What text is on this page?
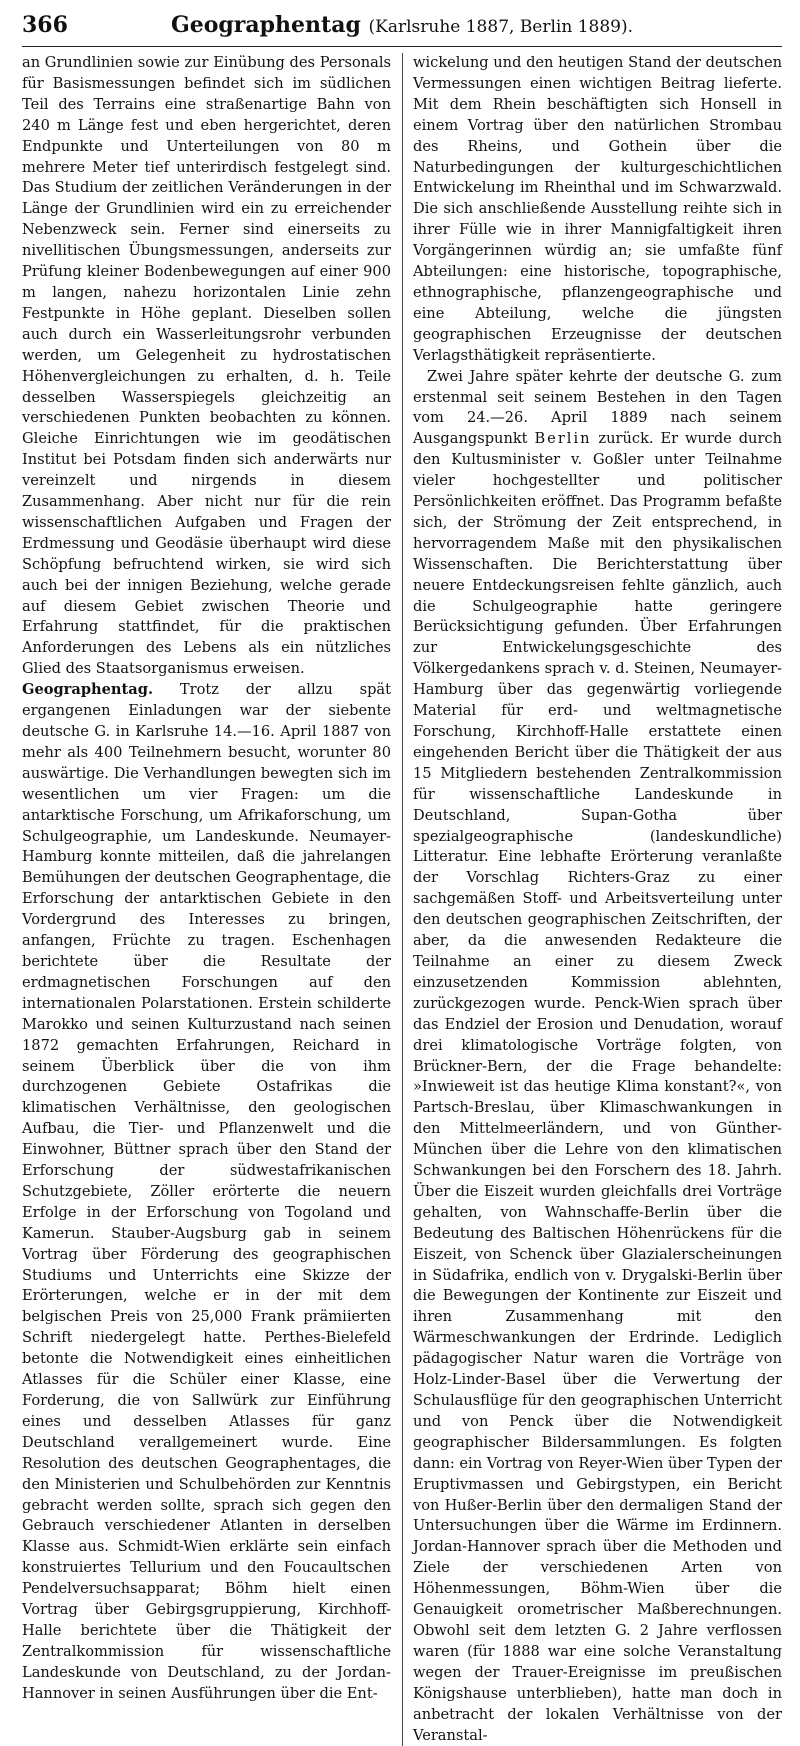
366	Geographentag (Karlsruhe 1887, Berlin 1889).

an Grundlinien sowie zur Einübung des Personals für Basismessungen befindet sich im südlichen Teil des Terrains eine straßenartige Bahn von 240 m Länge fest und eben hergerichtet, deren Endpunkte und Unterteilungen von 80 m mehrere Meter tief unterirdisch festgelegt sind. Das Studium der zeitlichen Veränderungen in der Länge der Grundlinien wird ein zu erreichender Nebenzweck sein. Ferner sind einerseits zu nivellitischen Übungsmessungen, anderseits zur Prüfung kleiner Bodenbewegungen auf einer 900 m langen, nahezu horizontalen Linie zehn Festpunkte in Höhe geplant. Dieselben sollen auch durch ein Wasserleitungsrohr verbunden werden, um Gelegenheit zu hydrostatischen Höhenvergleichungen zu erhalten, d. h. Teile desselben Wasserspiegels gleichzeitig an verschiedenen Punkten beobachten zu können. Gleiche Einrichtungen wie im geodätischen Institut bei Potsdam finden sich anderwärts nur vereinzelt und nirgends in diesem Zusammenhang. Aber nicht nur für die rein wissenschaftlichen Aufgaben und Fragen der Erdmessung und Geodäsie überhaupt wird diese Schöpfung befruchtend wirken, sie wird sich auch bei der innigen Beziehung, welche gerade auf diesem Gebiet zwischen Theorie und Erfahrung stattfindet, für die praktischen Anforderungen des Lebens als ein nützliches Glied des Staatsorganismus erweisen.

Geographentag. Trotz der allzu spät ergangenen Einladungen war der siebente deutsche G. in Karlsruhe 14.—16. April 1887 von mehr als 400 Teilnehmern besucht, worunter 80 auswärtige. Die Verhandlungen bewegten sich im wesentlichen um vier Fragen: um die antarktische Forschung, um Afrikaforschung, um Schulgeographie, um Landeskunde. Neumayer-Hamburg konnte mitteilen, daß die jahrelangen Bemühungen der deutschen Geographentage, die Erforschung der antarktischen Gebiete in den Vordergrund des Interesses zu bringen, anfangen, Früchte zu tragen. Eschenhagen berichtete über die Resultate der erdmagnetischen Forschungen auf den internationalen Polarstationen. Erstein schilderte Marokko und seinen Kulturzustand nach seinen 1872 gemachten Erfahrungen, Reichard in seinem Überblick über die von ihm durchzogenen Gebiete Ostafrikas die klimatischen Verhältnisse, den geologischen Aufbau, die Tier- und Pflanzenwelt und die Einwohner, Büttner sprach über den Stand der Erforschung der südwestafrikanischen Schutzgebiete, Zöller erörterte die neuern Erfolge in der Erforschung von Togoland und Kamerun. Stauber-Augsburg gab in seinem Vortrag über Förderung des geographischen Studiums und Unterrichts eine Skizze der Erörterungen, welche er in der mit dem belgischen Preis von 25,000 Frank prämiierten Schrift niedergelegt hatte. Perthes-Bielefeld betonte die Notwendigkeit eines einheitlichen Atlasses für die Schüler einer Klasse, eine Forderung, die von Sallwürk zur Einführung eines und desselben Atlasses für ganz Deutschland verallgemeinert wurde. Eine Resolution des deutschen Geographentages, die den Ministerien und Schulbehörden zur Kenntnis gebracht werden sollte, sprach sich gegen den Gebrauch verschiedener Atlanten in derselben Klasse aus. Schmidt-Wien erklärte sein einfach konstruiertes Tellurium und den Foucaultschen Pendelversuchsapparat; Böhm hielt einen Vortrag über Gebirgsgruppierung, Kirchhoff-Halle berichtete über die Thätigkeit der Zentralkommission für wissenschaftliche Landeskunde von Deutschland, zu der Jordan-Hannover in seinen Ausführungen über die Ent-

wickelung und den heutigen Stand der deutschen Vermessungen einen wichtigen Beitrag lieferte. Mit dem Rhein beschäftigten sich Honsell in einem Vortrag über den natürlichen Strombau des Rheins, und Gothein über die Naturbedingungen der kulturgeschichtlichen Entwickelung im Rheinthal und im Schwarzwald. Die sich anschließende Ausstellung reihte sich in ihrer Fülle wie in ihrer Mannigfaltigkeit ihren Vorgängerinnen würdig an; sie umfaßte fünf Abteilungen: eine historische, topographische, ethnographische, pflanzengeographische und eine Abteilung, welche die jüngsten geographischen Erzeugnisse der deutschen Verlagsthätigkeit repräsentierte.

Zwei Jahre später kehrte der deutsche G. zum erstenmal seit seinem Bestehen in den Tagen vom 24.—26. April 1889 nach seinem Ausgangspunkt Berlin zurück. Er wurde durch den Kultusminister v. Goßler unter Teilnahme vieler hochgestellter und politischer Persönlichkeiten eröffnet. Das Programm befaßte sich, der Strömung der Zeit entsprechend, in hervorragendem Maße mit den physikalischen Wissenschaften. Die Berichterstattung über neuere Entdeckungsreisen fehlte gänzlich, auch die Schulgeographie hatte geringere Berücksichtigung gefunden. Über Erfahrungen zur Entwickelungsgeschichte des Völkergedankens sprach v. d. Steinen, Neumayer-Hamburg über das gegenwärtig vorliegende Material für erd- und weltmagnetische Forschung, Kirchhoff-Halle erstattete einen eingehenden Bericht über die Thätigkeit der aus 15 Mitgliedern bestehenden Zentralkommission für wissenschaftliche Landeskunde in Deutschland, Supan-Gotha über spezialgeographische (landeskundliche) Litteratur. Eine lebhafte Erörterung veranlaßte der Vorschlag Richters-Graz zu einer sachgemäßen Stoff- und Arbeitsverteilung unter den deutschen geographischen Zeitschriften, der aber, da die anwesenden Redakteure die Teilnahme an einer zu diesem Zweck einzusetzenden Kommission ablehnten, zurückgezogen wurde. Penck-Wien sprach über das Endziel der Erosion und Denudation, worauf drei klimatologische Vorträge folgten, von Brückner-Bern, der die Frage behandelte: »Inwieweit ist das heutige Klima konstant?«, von Partsch-Breslau, über Klimaschwankungen in den Mittelmeerländern, und von Günther-München über die Lehre von den klimatischen Schwankungen bei den Forschern des 18. Jahrh. Über die Eiszeit wurden gleichfalls drei Vorträge gehalten, von Wahnschaffe-Berlin über die Bedeutung des Baltischen Höhenrückens für die Eiszeit, von Schenck über Glazialerscheinungen in Südafrika, endlich von v. Drygalski-Berlin über die Bewegungen der Kontinente zur Eiszeit und ihren Zusammenhang mit den Wärmeschwankungen der Erdrinde. Lediglich pädagogischer Natur waren die Vorträge von Holz-Linder-Basel über die Verwertung der Schulausflüge für den geographischen Unterricht und von Penck über die Notwendigkeit geographischer Bildersammlungen. Es folgten dann: ein Vortrag von Reyer-Wien über Typen der Eruptivmassen und Gebirgstypen, ein Bericht von Hußer-Berlin über den dermaligen Stand der Untersuchungen über die Wärme im Erdinnern. Jordan-Hannover sprach über die Methoden und Ziele der verschiedenen Arten von Höhenmessungen, Böhm-Wien über die Genauigkeit orometrischer Maßberechnungen. Obwohl seit dem letzten G. 2 Jahre verflossen waren (für 1888 war eine solche Veranstaltung wegen der Trauer-Ereignisse im preußischen Königshause unterblieben), hatte man doch in anbetracht der lokalen Verhältnisse von der Veranstal-
